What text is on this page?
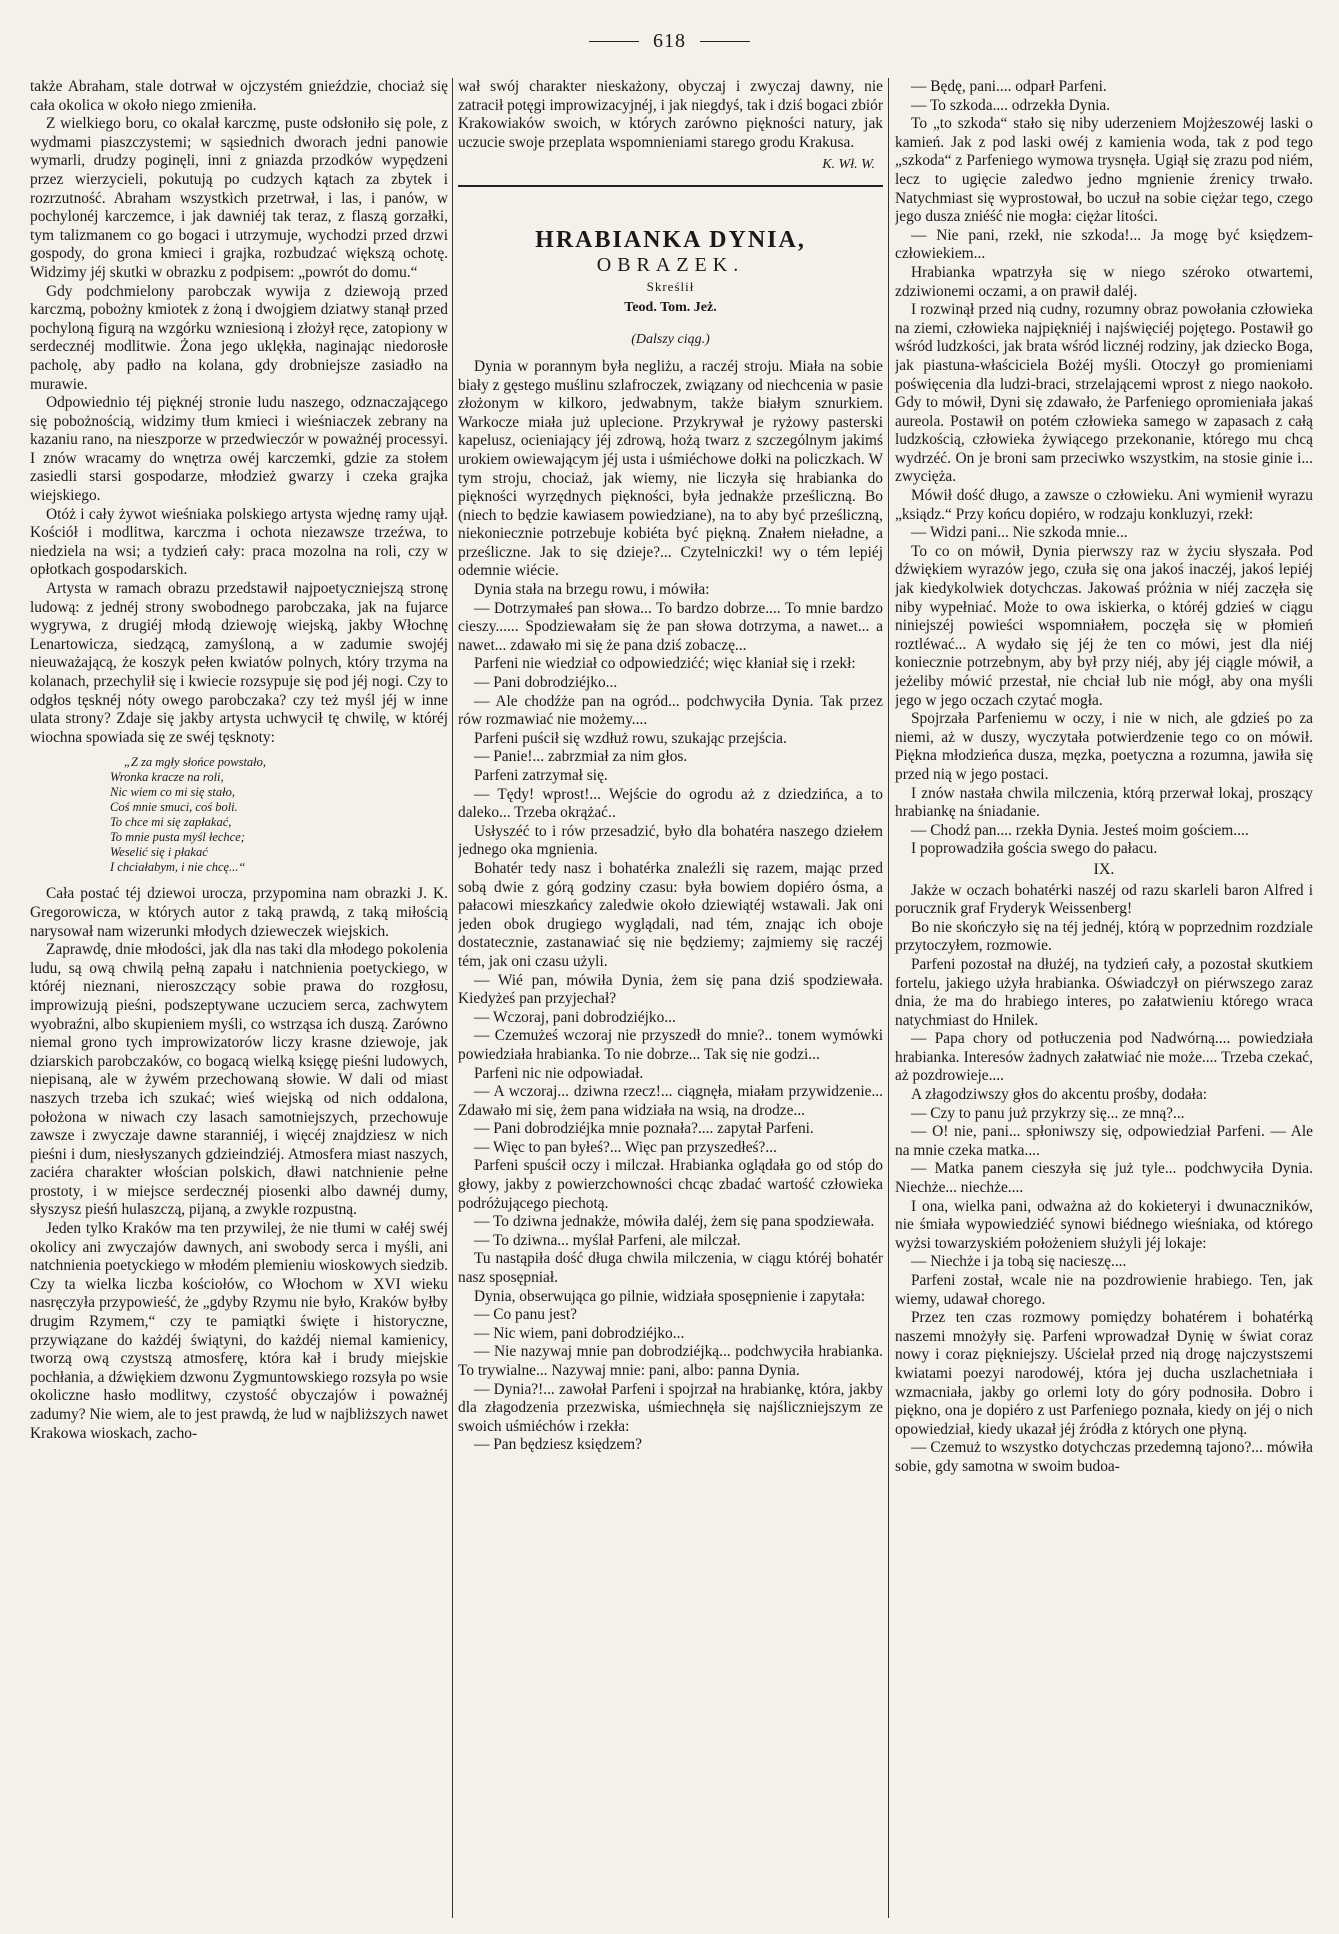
618

także Abraham, stale dotrwał w ojczystém gnieździe, chociaż się cała okolica w około niego zmieniła.

Z wielkiego boru, co okalał karczmę, puste odsłoniło się pole, z wydmami piaszczystemi; w sąsiednich dworach jedni panowie wymarli, drudzy poginęli, inni z gniazda przodków wypędzeni przez wierzycieli, pokutują po cudzych kątach za zbytek i rozrzutność. Abraham wszystkich przetrwał, i las, i panów, w pochylonéj karczemce, i jak dawniéj tak teraz, z flaszą gorzałki, tym talizmanem co go bogaci i utrzymuje, wychodzi przed drzwi gospody, do grona kmieci i grajka, rozbudzać większą ochotę. Widzimy jéj skutki w obrazku z podpisem: „powrót do domu.“

Gdy podchmielony parobczak wywija z dziewoją przed karczmą, pobożny kmiotek z żoną i dwojgiem dziatwy stanął przed pochyloną figurą na wzgórku wzniesioną i złożył ręce, zatopiony w serdecznéj modlitwie. Żona jego uklękła, naginając niedorosłe pacholę, aby padło na kolana, gdy drobniejsze zasiadło na murawie.

Odpowiednio téj pięknéj stronie ludu naszego, odznaczającego się pobożnością, widzimy tłum kmieci i wieśniaczek zebrany na kazaniu rano, na nieszporze w przedwieczór w poważnéj processyi. I znów wracamy do wnętrza owéj karczemki, gdzie za stołem zasiedli starsi gospodarze, młodzież gwarzy i czeka grajka wiejskiego.

Otóż i cały żywot wieśniaka polskiego artysta wjednę ramy ujął. Kościół i modlitwa, karczma i ochota niezawsze trzeźwa, to niedziela na wsi; a tydzień cały: praca mozolna na roli, czy w opłotkach gospodarskich.

Artysta w ramach obrazu przedstawił najpoetyczniejszą stronę ludową: z jednéj strony swobodnego parobczaka, jak na fujarce wygrywa, z drugiéj młodą dziewoję wiejską, jakby Włochnę Lenartowicza, siedzącą, zamyśloną, a w zadumie swojéj nieuważającą, że koszyk pełen kwiatów polnych, który trzyma na kolanach, przechylił się i kwiecie rozsypuje się pod jéj nogi. Czy to odgłos tęsknéj nóty owego parobczaka? czy też myśl jéj w inne ulata strony? Zdaje się jakby artysta uchwycił tę chwilę, w któréj wiochna spowiada się ze swéj tęsknoty:

„Z za mgły słońce powstało,
Wronka kracze na roli,
Nic wiem co mi się stało,
Coś mnie smuci, coś boli.
To chce mi się zapłakać,
To mnie pusta myśl łechce;
Weselić się i płakać
I chciałabym, i nie chcę...“

Cała postać téj dziewoi urocza, przypomina nam obrazki J. K. Gregorowicza, w których autor z taką prawdą, z taką miłością narysował nam wizerunki młodych dzieweczek wiejskich.

Zaprawdę, dnie młodości, jak dla nas taki dla młodego pokolenia ludu, są ową chwilą pełną zapału i natchnienia poetyckiego, w któréj nieznani, nieroszczący sobie prawa do rozgłosu, improwizują pieśni, podszeptywane uczuciem serca, zachwytem wyobraźni, albo skupieniem myśli, co wstrząsa ich duszą. Zarówno niemal grono tych improwizatorów liczy krasne dziewoje, jak dziarskich parobczaków, co bogacą wielką księgę pieśni ludowych, niepisaną, ale w żywém przechowaną słowie. W dali od miast naszych trzeba ich szukać; wieś wiejską od nich oddalona, położona w niwach czy lasach samotniejszych, przechowuje zawsze i zwyczaje dawne staranniéj, i więcéj znajdziesz w nich pieśni i dum, niesłyszanych gdzieindziéj. Atmosfera miast naszych, zaciéra charakter włościan polskich, dławi natchnienie pełne prostoty, i w miejsce serdecznéj piosenki albo dawnéj dumy, słyszysz pieśń hulaszczą, pijaną, a zwykle rozpustną.

Jeden tylko Kraków ma ten przywilej, że nie tłumi w całéj swéj okolicy ani zwyczajów dawnych, ani swobody serca i myśli, ani natchnienia poetyckiego w młodém plemieniu wioskowych siedzib. Czy ta wielka liczba kościołów, co Włochom w XVI wieku nasręczyła przypowieść, że „gdyby Rzymu nie było, Kraków byłby drugim Rzymem,“ czy te pamiątki święte i historyczne, przywiązane do każdéj świątyni, do każdéj niemal kamienicy, tworzą ową czystszą atmosferę, która kał i brudy miejskie pochłania, a dźwiękiem dzwonu Zygmuntowskiego rozsyła po wsie okoliczne hasło modlitwy, czystość obyczajów i poważnéj zadumy? Nie wiem, ale to jest prawdą, że lud w najbliższych nawet Krakowa wioskach, zacho-

wał swój charakter nieskażony, obyczaj i zwyczaj dawny, nie zatracił potęgi improwizacyjnéj, i jak niegdyś, tak i dziś bogaci zbiór Krakowiaków swoich, w których zarówno piękności natury, jak uczucie swoje przeplata wspomnieniami starego grodu Krakusa.

K. Wł. W.
HRABIANKA DYNIA,
OBRAZEK.
Skreślił
Teod. Tom. Jeż.
(Dalszy ciąg.)

Dynia w porannym była negliżu, a raczéj stroju. Miała na sobie biały z gęstego muślinu szlafroczek, związany od niechcenia w pasie złożonym w kilkoro, jedwabnym, także białym sznurkiem. Warkocze miała już uplecione. Przykrywał je ryżowy pasterski kapelusz, ocieniający jéj zdrową, hożą twarz z szczególnym jakimś urokiem owiewającym jéj usta i uśmiéchowe dołki na policzkach. W tym stroju, chociaż, jak wiemy, nie liczyła się hrabianka do piękności wyrzędnych piękności, była jednakże prześliczną. Bo (niech to będzie kawiasem powiedziane), na to aby być prześliczną, niekoniecznie potrzebuje kobiéta być piękną. Znałem nieładne, a prześliczne. Jak to się dzieje?... Czytelniczki! wy o tém lepiéj odemnie wiécie.

Dynia stała na brzegu rowu, i mówiła:

— Dotrzymałeś pan słowa... To bardzo dobrze.... To mnie bardzo cieszy...... Spodziewałam się że pan słowa dotrzyma, a nawet... a nawet... zdawało mi się że pana dziś zobaczę...

Parfeni nie wiedział co odpowiedzićć; więc kłaniał się i rzekł:

— Pani dobrodziéjko...

— Ale chodźże pan na ogród... podchwyciła Dynia. Tak przez rów rozmawiać nie możemy....

Parfeni puścił się wzdłuż rowu, szukając przejścia.

— Panie!... zabrzmiał za nim głos.

Parfeni zatrzymał się.

— Tędy! wprost!... Wejście do ogrodu aż z dziedzińca, a to daleko... Trzeba okrążać..

Usłyszéć to i rów przesadzić, było dla bohatéra naszego dziełem jednego oka mgnienia.

Bohatér tedy nasz i bohatérka znaleźli się razem, mając przed sobą dwie z górą godziny czasu: była bowiem dopiéro ósma, a pałacowi mieszkańcy zaledwie około dziewiątéj wstawali. Jak oni jeden obok drugiego wyglądali, nad tém, znając ich oboje dostatecznie, zastanawiać się nie będziemy; zajmiemy się raczéj tém, jak oni czasu użyli.

— Wié pan, mówiła Dynia, żem się pana dziś spodziewała. Kiedyżeś pan przyjechał?

— Wczoraj, pani dobrodziéjko...

— Czemużeś wczoraj nie przyszedł do mnie?.. tonem wymówki powiedziała hrabianka. To nie dobrze... Tak się nie godzi...

Parfeni nic nie odpowiadał.

— A wczoraj... dziwna rzecz!... ciągnęła, miałam przywidzenie... Zdawało mi się, żem pana widziała na wsią, na drodze...

— Pani dobrodziéjka mnie poznała?.... zapytał Parfeni.

— Więc to pan byłeś?... Więc pan przyszedłeś?...

Parfeni spuścił oczy i milczał. Hrabianka oglądała go od stóp do głowy, jakby z powierzchowności chcąc zbadać wartość człowieka podróżującego piechotą.

— To dziwna jednakże, mówiła daléj, żem się pana spodziewała.

— To dziwna... myślał Parfeni, ale milczał.

Tu nastąpiła dość długa chwila milczenia, w ciągu któréj bohatér nasz sposępniał.

Dynia, obserwująca go pilnie, widziała sposępnienie i zapytała:

— Co panu jest?

— Nic wiem, pani dobrodziéjko...

— Nie nazywaj mnie pan dobrodziéjką... podchwyciła hrabianka. To trywialne... Nazywaj mnie: pani, albo: panna Dynia.

— Dynia?!... zawołał Parfeni i spojrzał na hrabiankę, która, jakby dla złagodzenia przezwiska, uśmiechnęła się najśliczniejszym ze swoich uśmiéchów i rzekła:

— Pan będziesz księdzem?

— Będę, pani.... odparł Parfeni.

— To szkoda.... odrzekła Dynia.

To „to szkoda“ stało się niby uderzeniem Mojżeszowéj laski o kamień. Jak z pod laski owéj z kamienia woda, tak z pod tego „szkoda“ z Parfeniego wymowa trysnęła. Ugiął się zrazu pod niém, lecz to ugięcie zaledwo jedno mgnienie źrenicy trwało. Natychmiast się wyprostował, bo uczuł na sobie ciężar tego, czego jego dusza zniéść nie mogła: ciężar litości.

— Nie pani, rzekł, nie szkoda!... Ja mogę być księdzem-człowiekiem...

Hrabianka wpatrzyła się w niego széroko otwartemi, zdziwionemi oczami, a on prawił daléj.

I rozwinął przed nią cudny, rozumny obraz powołania człowieka na ziemi, człowieka najpiękniéj i najświęciéj pojętego. Postawił go wśród ludzkości, jak brata wśród licznéj rodziny, jak dziecko Boga, jak piastuna-właściciela Bożéj myśli. Otoczył go promieniami poświęcenia dla ludzi-braci, strzelającemi wprost z niego naokoło. Gdy to mówił, Dyni się zdawało, że Parfeniego opromieniała jakaś aureola. Postawił on potém człowieka samego w zapasach z całą ludzkością, człowieka żywiącego przekonanie, którego mu chcą wydrzéć. On je broni sam przeciwko wszystkim, na stosie ginie i... zwycięża.

Mówił dość długo, a zawsze o człowieku. Ani wymienił wyrazu „ksiądz.“ Przy końcu dopiéro, w rodzaju konkluzyi, rzekł:

— Widzi pani... Nie szkoda mnie...

To co on mówił, Dynia pierwszy raz w życiu słyszała. Pod dźwiękiem wyrazów jego, czuła się ona jakoś inaczéj, jakoś lepiéj jak kiedykolwiek dotychczas. Jakowaś próżnia w niéj zaczęła się niby wypełniać. Może to owa iskierka, o któréj gdzieś w ciągu niniejszéj powieści wspomniałem, poczęła się w płomień roztléwać... A wydało się jéj że ten co mówi, jest dla niéj koniecznie potrzebnym, aby był przy niéj, aby jéj ciągle mówił, a jeżeliby mówić przestał, nie chciał lub nie mógł, aby ona myśli jego w jego oczach czytać mogła.

Spojrzała Parfeniemu w oczy, i nie w nich, ale gdzieś po za niemi, aż w duszy, wyczytała potwierdzenie tego co on mówił. Piękna młodzieńca dusza, męzka, poetyczna a rozumna, jawiła się przed nią w jego postaci.

I znów nastała chwila milczenia, którą przerwał lokaj, proszący hrabiankę na śniadanie.

— Chodź pan.... rzekła Dynia. Jesteś moim gościem....

I poprowadziła gościa swego do pałacu.

IX.

Jakże w oczach bohatérki naszéj od razu skarleli baron Alfred i porucznik graf Fryderyk Weissenberg!

Bo nie skończyło się na téj jednéj, którą w poprzednim rozdziale przytoczyłem, rozmowie.

Parfeni pozostał na dłużéj, na tydzień cały, a pozostał skutkiem fortelu, jakiego użyła hrabianka. Oświadczył on piérwszego zaraz dnia, że ma do hrabiego interes, po załatwieniu którego wraca natychmiast do Hnilek.

— Papa chory od potłuczenia pod Nadwórną.... powiedziała hrabianka. Interesów żadnych załatwiać nie może.... Trzeba czekać, aż pozdrowieje....

A złagodziwszy głos do akcentu prośby, dodała:

— Czy to panu już przykrzy się... ze mną?...

— O! nie, pani... spłoniwszy się, odpowiedział Parfeni. — Ale na mnie czeka matka....

— Matka panem cieszyła się już tyle... podchwyciła Dynia. Niechże... niechże....

I ona, wielka pani, odważna aż do kokieteryi i dwunaczników, nie śmiała wypowiedziéć synowi biédnego wieśniaka, od którego wyżsi towarzyskiém położeniem służyli jéj lokaje:

— Niechże i ja tobą się nacieszę....

Parfeni został, wcale nie na pozdrowienie hrabiego. Ten, jak wiemy, udawał chorego.

Przez ten czas rozmowy pomiędzy bohatérem i bohatérką naszemi mnożyły się. Parfeni wprowadzał Dynię w świat coraz nowy i coraz piękniejszy. Uścielał przed nią drogę najczystszemi kwiatami poezyi narodowéj, która jej ducha uszlachetniała i wzmacniała, jakby go orlemi loty do góry podnosiła. Dobro i piękno, ona je dopiéro z ust Parfeniego poznała, kiedy on jéj o nich opowiedział, kiedy ukazał jéj źródła z których one płyną.

— Czemuż to wszystko dotychczas przedemną tajono?... mówiła sobie, gdy samotna w swoim budoa-
